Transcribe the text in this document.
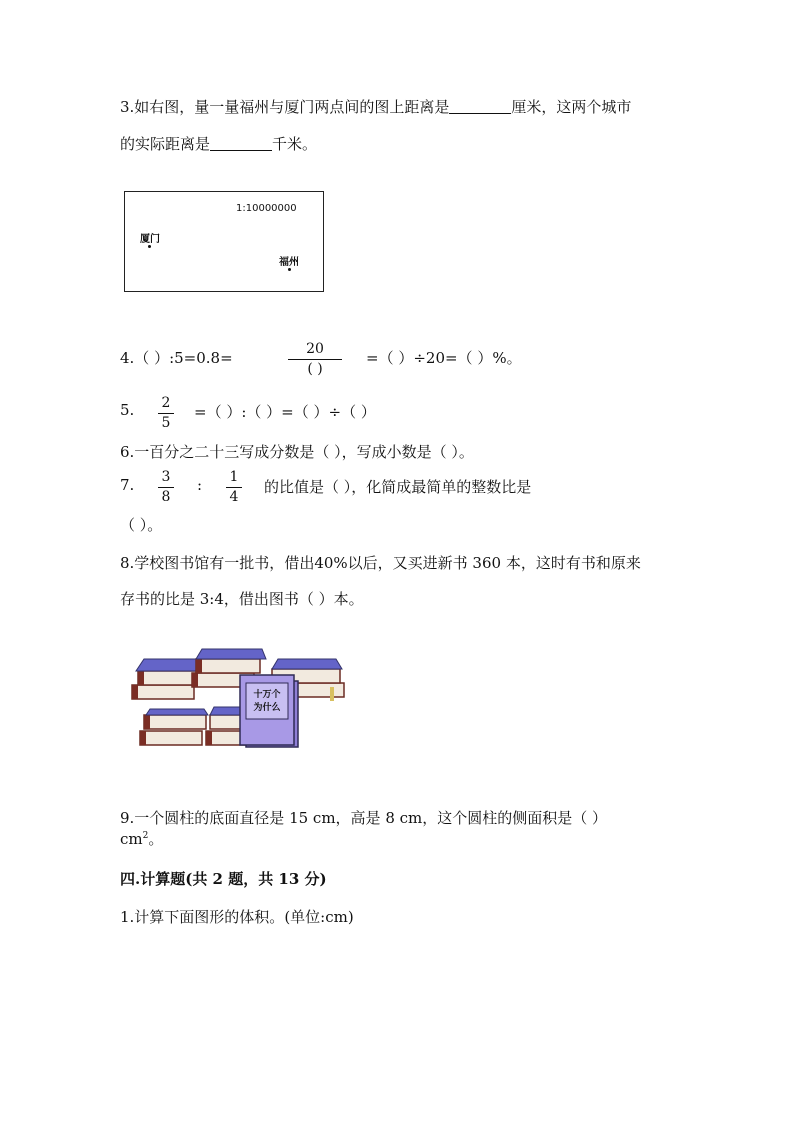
3.如右图，量一量福州与厦门两点间的图上距离是	厘米，这两个城市
的实际距离是	千米。
1:10000000
厦门
福州
4.（ ）:5=0.8=	20
( )
=（ ）÷20=（ ）%。
5. 2
5
=（ ）:（ ）=（ ）÷（ ）
6.一百分之二十三写成分数是（ ），写成小数是（ ）。
7. 3
8
: 1
4
的比值是（ ），化简成最简单的整数比是
（ ）。
8.学校图书馆有一批书，借出40%以后，又买进新书 360 本，这时有书和原来
存书的比是 3:4，借出图书（ ）本。
十万个
为什么
9.一个圆柱的底面直径是 15 cm，高是 8 cm，这个圆柱的侧面积是（ ）
$cm^2$。
四.计算题(共 2 题，共 13 分)
1.计算下面图形的体积。(单位:cm)
